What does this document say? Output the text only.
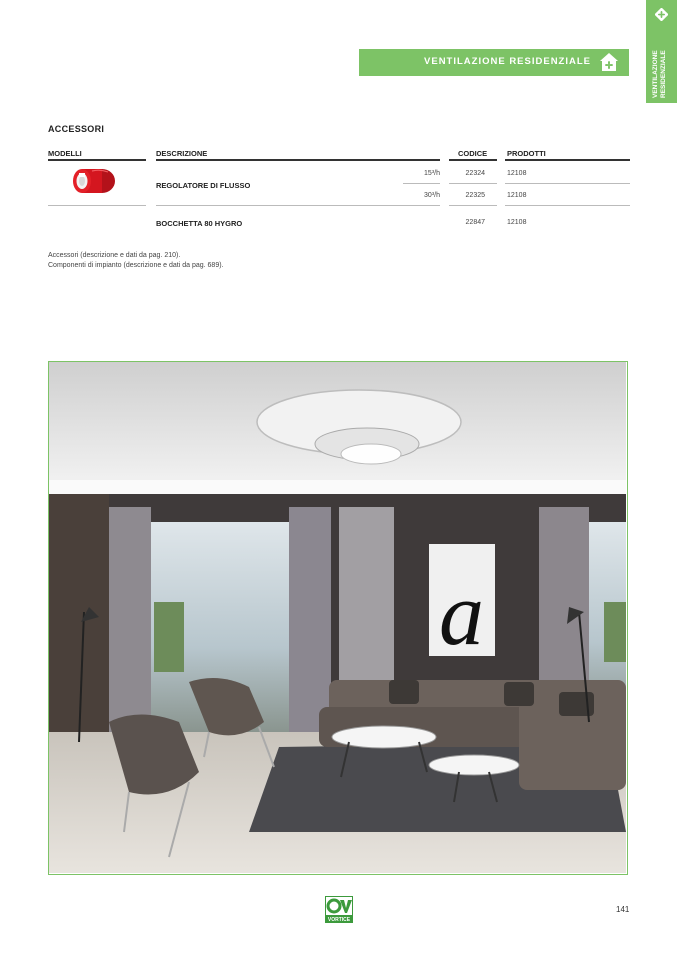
VENTILAZIONE RESIDENZIALE
VENTILAZIONE RESIDENZIALE
ACCESSORI
MODELLI	DESCRIZIONE	CODICE	PRODOTTI
REGOLATORE DI FLUSSO
15³/h	22324	12108
30³/h	22325	12108
BOCCHETTA 80 HYGRO	22847	12108
Accessori (descrizione e dati da pag. 210).
Componenti di impianto (descrizione e dati da pag. 689).
a
VORTICE
141
